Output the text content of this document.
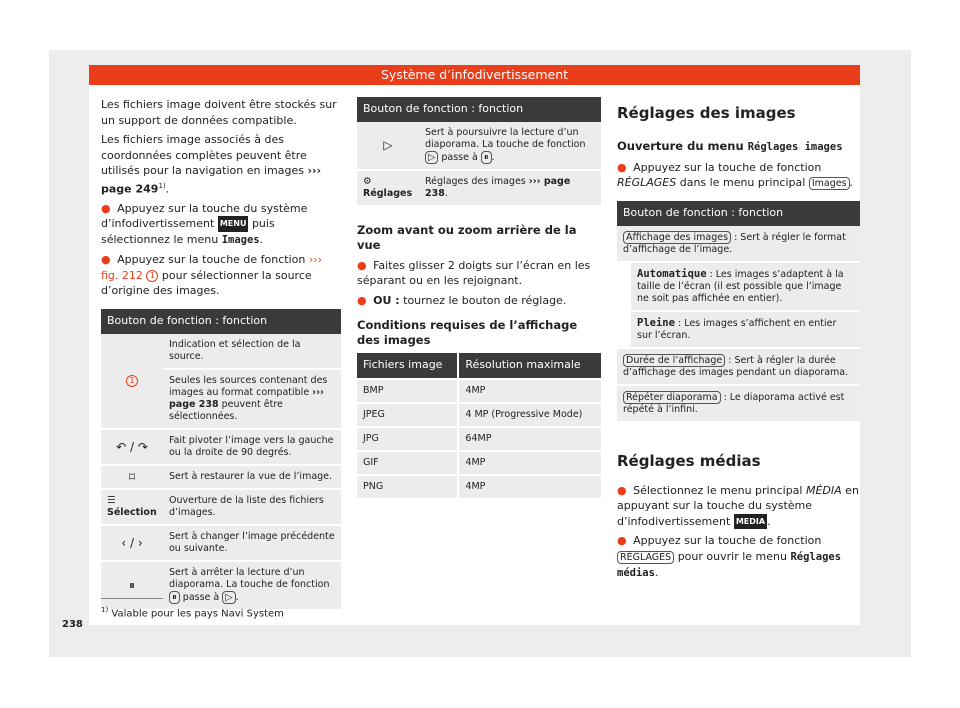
Système d’infodivertissement

Les fichiers image doivent être stockés sur un support de données compatible.

Les fichiers image associés à des coordonnées complètes peuvent être utilisés pour la navigation en images ››› page 249$^{1)}$.

● Appuyez sur la touche du système d’infodivertissement MENU puis sélectionnez le menu Images.

● Appuyez sur la touche de fonction ››› fig. 212 1 pour sélectionner la source d’origine des images.

Bouton de fonction : fonction	
1	Indication et sélection de la source.
	Seules les sources contenant des images au format compatible ››› page 238 peuvent être sélectionnées.
↶ / ↷	Fait pivoter l’image vers la gauche ou la droite de 90 degrés.
⌑	Sert à restaurer la vue de l’image.
☰ Sélection	Ouverture de la liste des fichiers d’images.
‹ / ›	Sert à changer l’image précédente ou suivante.
⏸	Sert à arrêter la lecture d’un diaporama. La touche de fonction ⏸ passe à ▷ .
Bouton de fonction : fonction	
▷	Sert à poursuivre la lecture d’un diaporama. La touche de fonction ▷ passe à ⏸ .
⚙ Réglages	Réglages des images ››› page 238.
Zoom avant ou zoom arrière de la vue

● Faites glisser 2 doigts sur l’écran en les séparant ou en les rejoignant.

● OU : tournez le bouton de réglage.

Conditions requises de l’affichage des images
Fichiers image	Résolution maximale
BMP	4MP
JPEG	4 MP (Progressive Mode)
JPG	64MP
GIF	4MP
PNG	4MP
Réglages des images

Ouverture du menu Réglages images

● Appuyez sur la touche de fonction RÉGLAGES dans le menu principal Images .

Bouton de fonction : fonction	
Affichage des images : Sert à régler le format d’affichage de l’image.	
	Automatique : Les images s’adaptent à la taille de l’écran (il est possible que l’image ne soit pas affichée en entier).
	Pleine : Les images s’affichent en entier sur l’écran.
Durée de l’affichage : Sert à régler la durée d’affichage des images pendant un diaporama.	
Répéter diaporama : Le diaporama activé est répété à l’infini.	
Réglages médias

● Sélectionnez le menu principal MÉDIA en appuyant sur la touche du système d’infodivertissement MEDIA .

● Appuyez sur la touche de fonction RÉGLAGES pour ouvrir le menu Réglages médias.

$^{1)}$ Valable pour les pays Navi System
238
